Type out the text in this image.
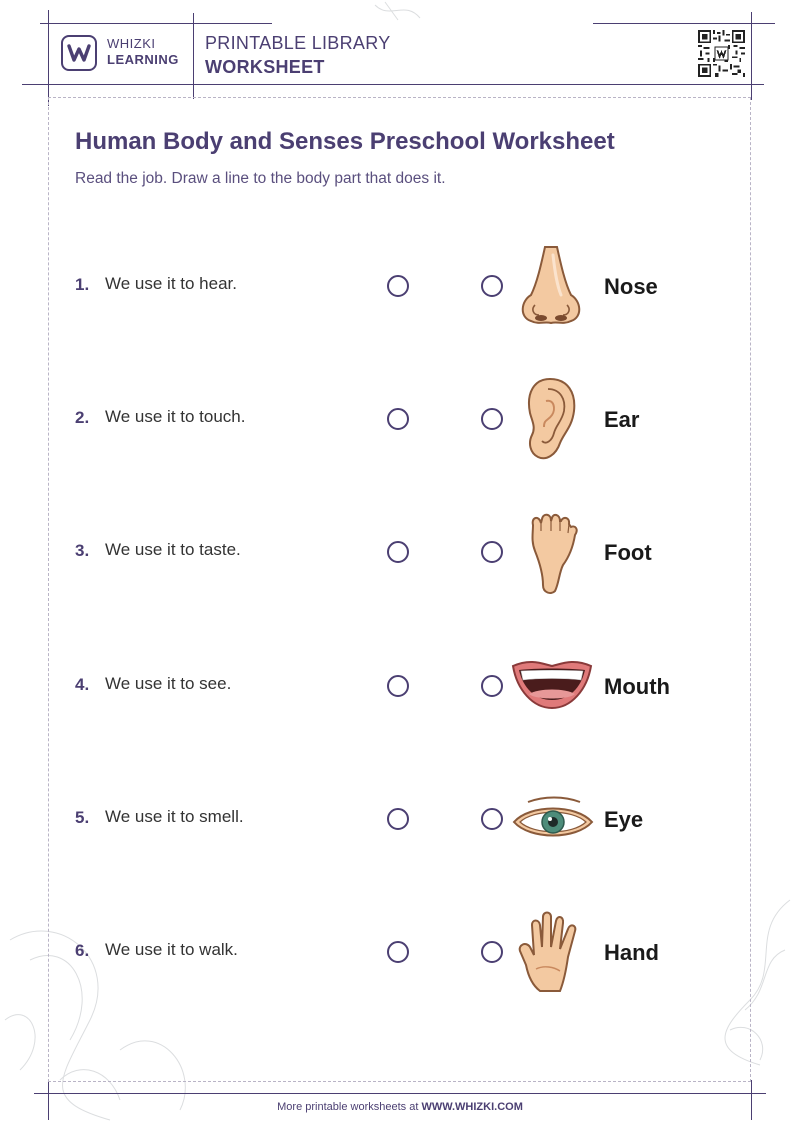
WHIZKI
LEARNING
PRINTABLE LIBRARY
WORKSHEET
Human Body and Senses Preschool Worksheet

Read the job. Draw a line to the body part that does it.

1. We use it to hear.	Nose
2. We use it to touch.	Ear
3. We use it to taste.	Foot
4. We use it to see.	Mouth
5. We use it to smell.	Eye
6. We use it to walk.	Hand
More printable worksheets at WWW.WHIZKI.COM
